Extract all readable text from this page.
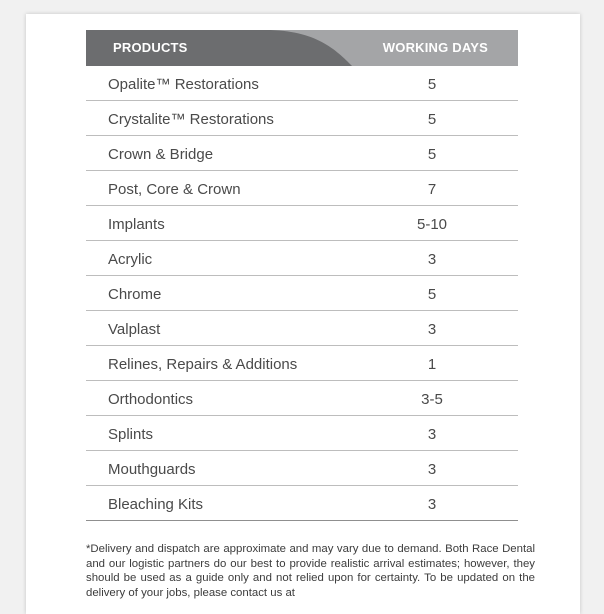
PRODUCTS	WORKING DAYS
Opalite™ Restorations	5
Crystalite™ Restorations	5
Crown & Bridge	5
Post, Core & Crown	7
Implants	5-10
Acrylic	3
Chrome	5
Valplast	3
Relines, Repairs & Additions	1
Orthodontics	3-5
Splints	3
Mouthguards	3
Bleaching Kits	3

*Delivery and dispatch are approximate and may vary due to demand. Both Race Dental and our logistic partners do our best to provide realistic arrival estimates; however, they should be used as a guide only and not relied upon for certainty. To be updated on the delivery of your jobs, please contact us at
